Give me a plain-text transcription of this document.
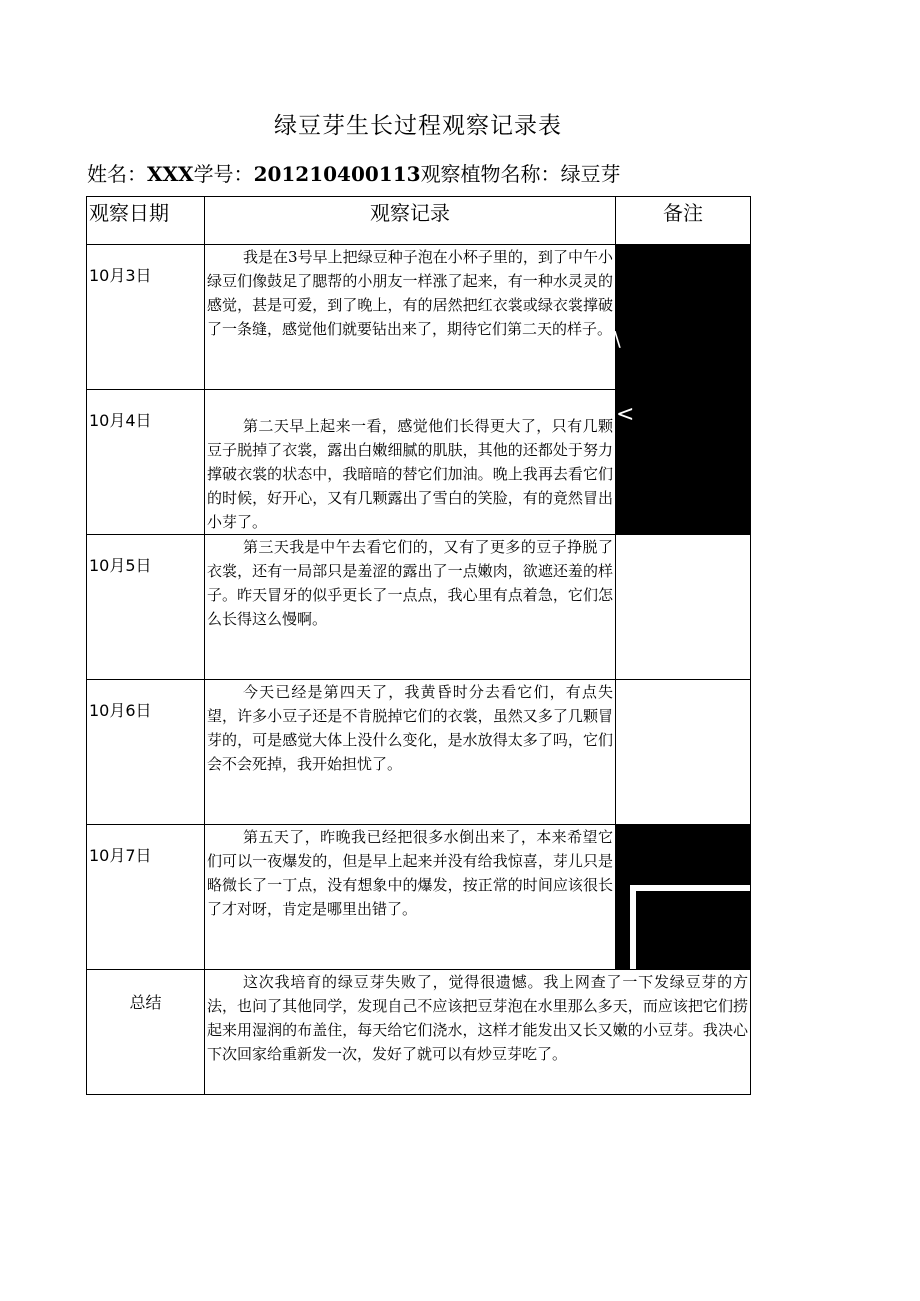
绿豆芽生长过程观察记录表
姓名：XXX学号：201210400113观察植物名称：绿豆芽
观察日期	观察记录	备注
10月3日	我是在3号早上把绿豆种子泡在小杯子里的，到了中午小绿豆们像鼓足了腮帮的小朋友一样涨了起来，有一种水灵灵的感觉，甚是可爱，到了晚上，有的居然把红衣裳或绿衣裳撑破了一条缝，感觉他们就要钻出来了，期待它们第二天的样子。	\

10月4日	第二天早上起来一看，感觉他们长得更大了，只有几颗豆子脱掉了衣裳，露出白嫩细腻的肌肤，其他的还都处于努力撑破衣裳的状态中，我暗暗的替它们加油。晚上我再去看它们的时候，好开心，又有几颗露出了雪白的笑脸，有的竟然冒出小芽了。	<

10月5日	第三天我是中午去看它们的，又有了更多的豆子挣脱了衣裳，还有一局部只是羞涩的露出了一点嫩肉，欲遮还羞的样子。昨天冒牙的似乎更长了一点点，我心里有点着急，它们怎么长得这么慢啊。	
10月6日	今天已经是第四天了，我黄昏时分去看它们，有点失望，许多小豆子还是不肯脱掉它们的衣裳，虽然又多了几颗冒芽的，可是感觉大体上没什么变化，是水放得太多了吗，它们会不会死掉，我开始担忧了。	
10月7日	第五天了，昨晚我已经把很多水倒出来了，本来希望它们可以一夜爆发的，但是早上起来并没有给我惊喜，芽儿只是略微长了一丁点，没有想象中的爆发，按正常的时间应该很长了才对呀，肯定是哪里出错了。	

总结	这次我培育的绿豆芽失败了，觉得很遗憾。我上网查了一下发绿豆芽的方法，也问了其他同学，发现自己不应该把豆芽泡在水里那么多天，而应该把它们捞起来用湿润的布盖住，每天给它们浇水，这样才能发出又长又嫩的小豆芽。我决心下次回家给重新发一次，发好了就可以有炒豆芽吃了。	
